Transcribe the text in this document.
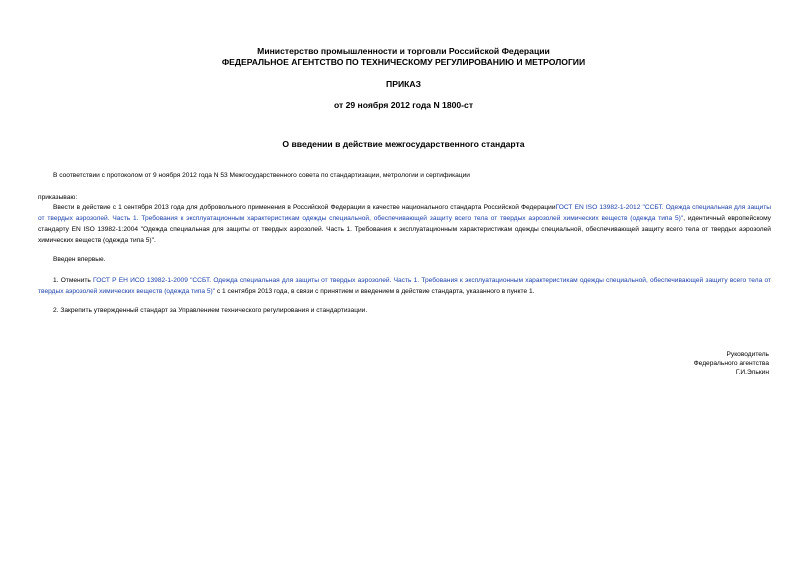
Министерство промышленности и торговли Российской Федерации
ФЕДЕРАЛЬНОЕ АГЕНТСТВО ПО ТЕХНИЧЕСКОМУ РЕГУЛИРОВАНИЮ И МЕТРОЛОГИИ
ПРИКАЗ
от 29 ноября 2012 года N 1800-ст
О введении в действие межгосударственного стандарта
В соответствии с протоколом от 9 ноября 2012 года N 53 Межгосударственного совета по стандартизации, метрологии и сертификации
приказываю:
Ввести в действие с 1 сентября 2013 года для добровольного применения в Российской Федерации в качестве национального стандарта Российской ФедерацииГОСТ EN ISO 13982-1-2012 "ССБТ. Одежда специальная для защиты от твердых аэрозолей. Часть 1. Требования к эксплуатационным характеристикам одежды специальной, обеспечивающей защиту всего тела от твердых аэрозолей химических веществ (одежда типа 5)", идентичный европейскому стандарту EN ISO 13982-1:2004 "Одежда специальная для защиты от твердых аэрозолей. Часть 1. Требования к эксплуатационным характеристикам одежды специальной, обеспечивающей защиту всего тела от твердых аэрозолей химических веществ (одежда типа 5)".
Введен впервые.
1. Отменить ГОСТ Р ЕН ИСО 13982-1-2009 "ССБТ. Одежда специальная для защиты от твердых аэрозолей. Часть 1. Требования к эксплуатационным характеристикам одежды специальной, обеспечивающей защиту всего тела от твердых аэрозолей химических веществ (одежда типа 5)" с 1 сентября 2013 года, в связи с принятием и введением в действие стандарта, указанного в пункте 1.
2. Закрепить утвержденный стандарт за Управлением технического регулирования и стандартизации.
Руководитель
Федерального агентства
Г.И.Элькин
